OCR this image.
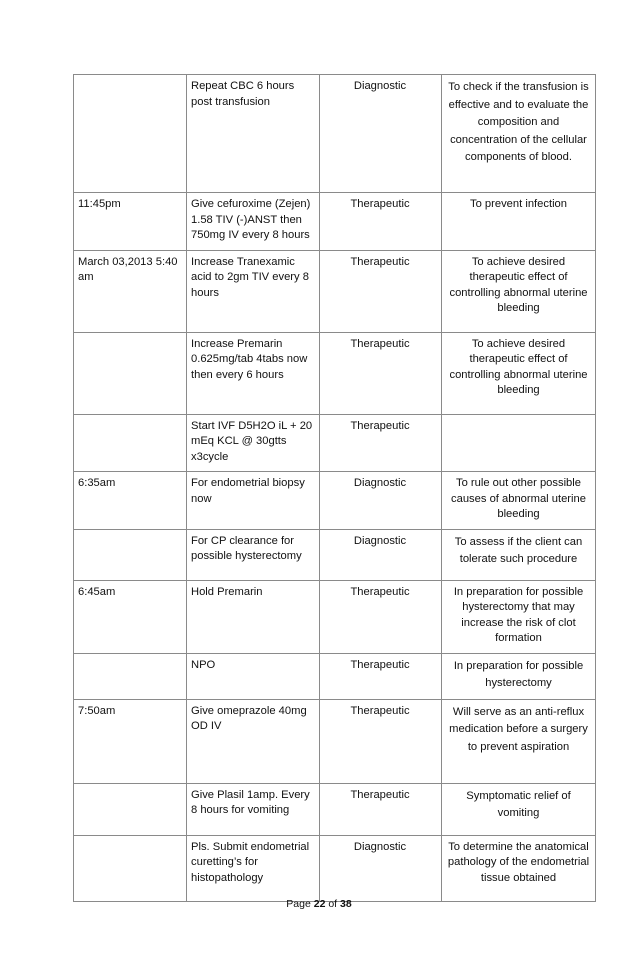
	Repeat CBC 6 hours post transfusion	Diagnostic	To check if the transfusion is effective and to evaluate the composition and concentration of the cellular components of blood.
11:45pm	Give cefuroxime (Zejen) 1.58 TIV (-)ANST then 750mg IV every 8 hours	Therapeutic	To prevent infection
March 03,2013 5:40 am	Increase Tranexamic acid to 2gm TIV every 8 hours	Therapeutic	To achieve desired therapeutic effect of controlling abnormal uterine bleeding
	Increase Premarin 0.625mg/tab 4tabs now then every 6 hours	Therapeutic	To achieve desired therapeutic effect of controlling abnormal uterine bleeding
	Start IVF D5H2O iL + 20 mEq KCL @ 30gtts x3cycle	Therapeutic	
6:35am	For endometrial biopsy now	Diagnostic	To rule out other possible causes of abnormal uterine bleeding
	For CP clearance for possible hysterectomy	Diagnostic	To assess if the client can tolerate such procedure
6:45am	Hold Premarin	Therapeutic	In preparation for possible hysterectomy that may increase the risk of clot formation
	NPO	Therapeutic	In preparation for possible hysterectomy
7:50am	Give omeprazole 40mg OD IV	Therapeutic	Will serve as an anti-reflux medication before a surgery to prevent aspiration
	Give Plasil 1amp. Every 8 hours for vomiting	Therapeutic	Symptomatic relief of vomiting
	Pls. Submit endometrial curetting’s for histopathology	Diagnostic	To determine the anatomical pathology of the endometrial tissue obtained
Page 22 of 38
